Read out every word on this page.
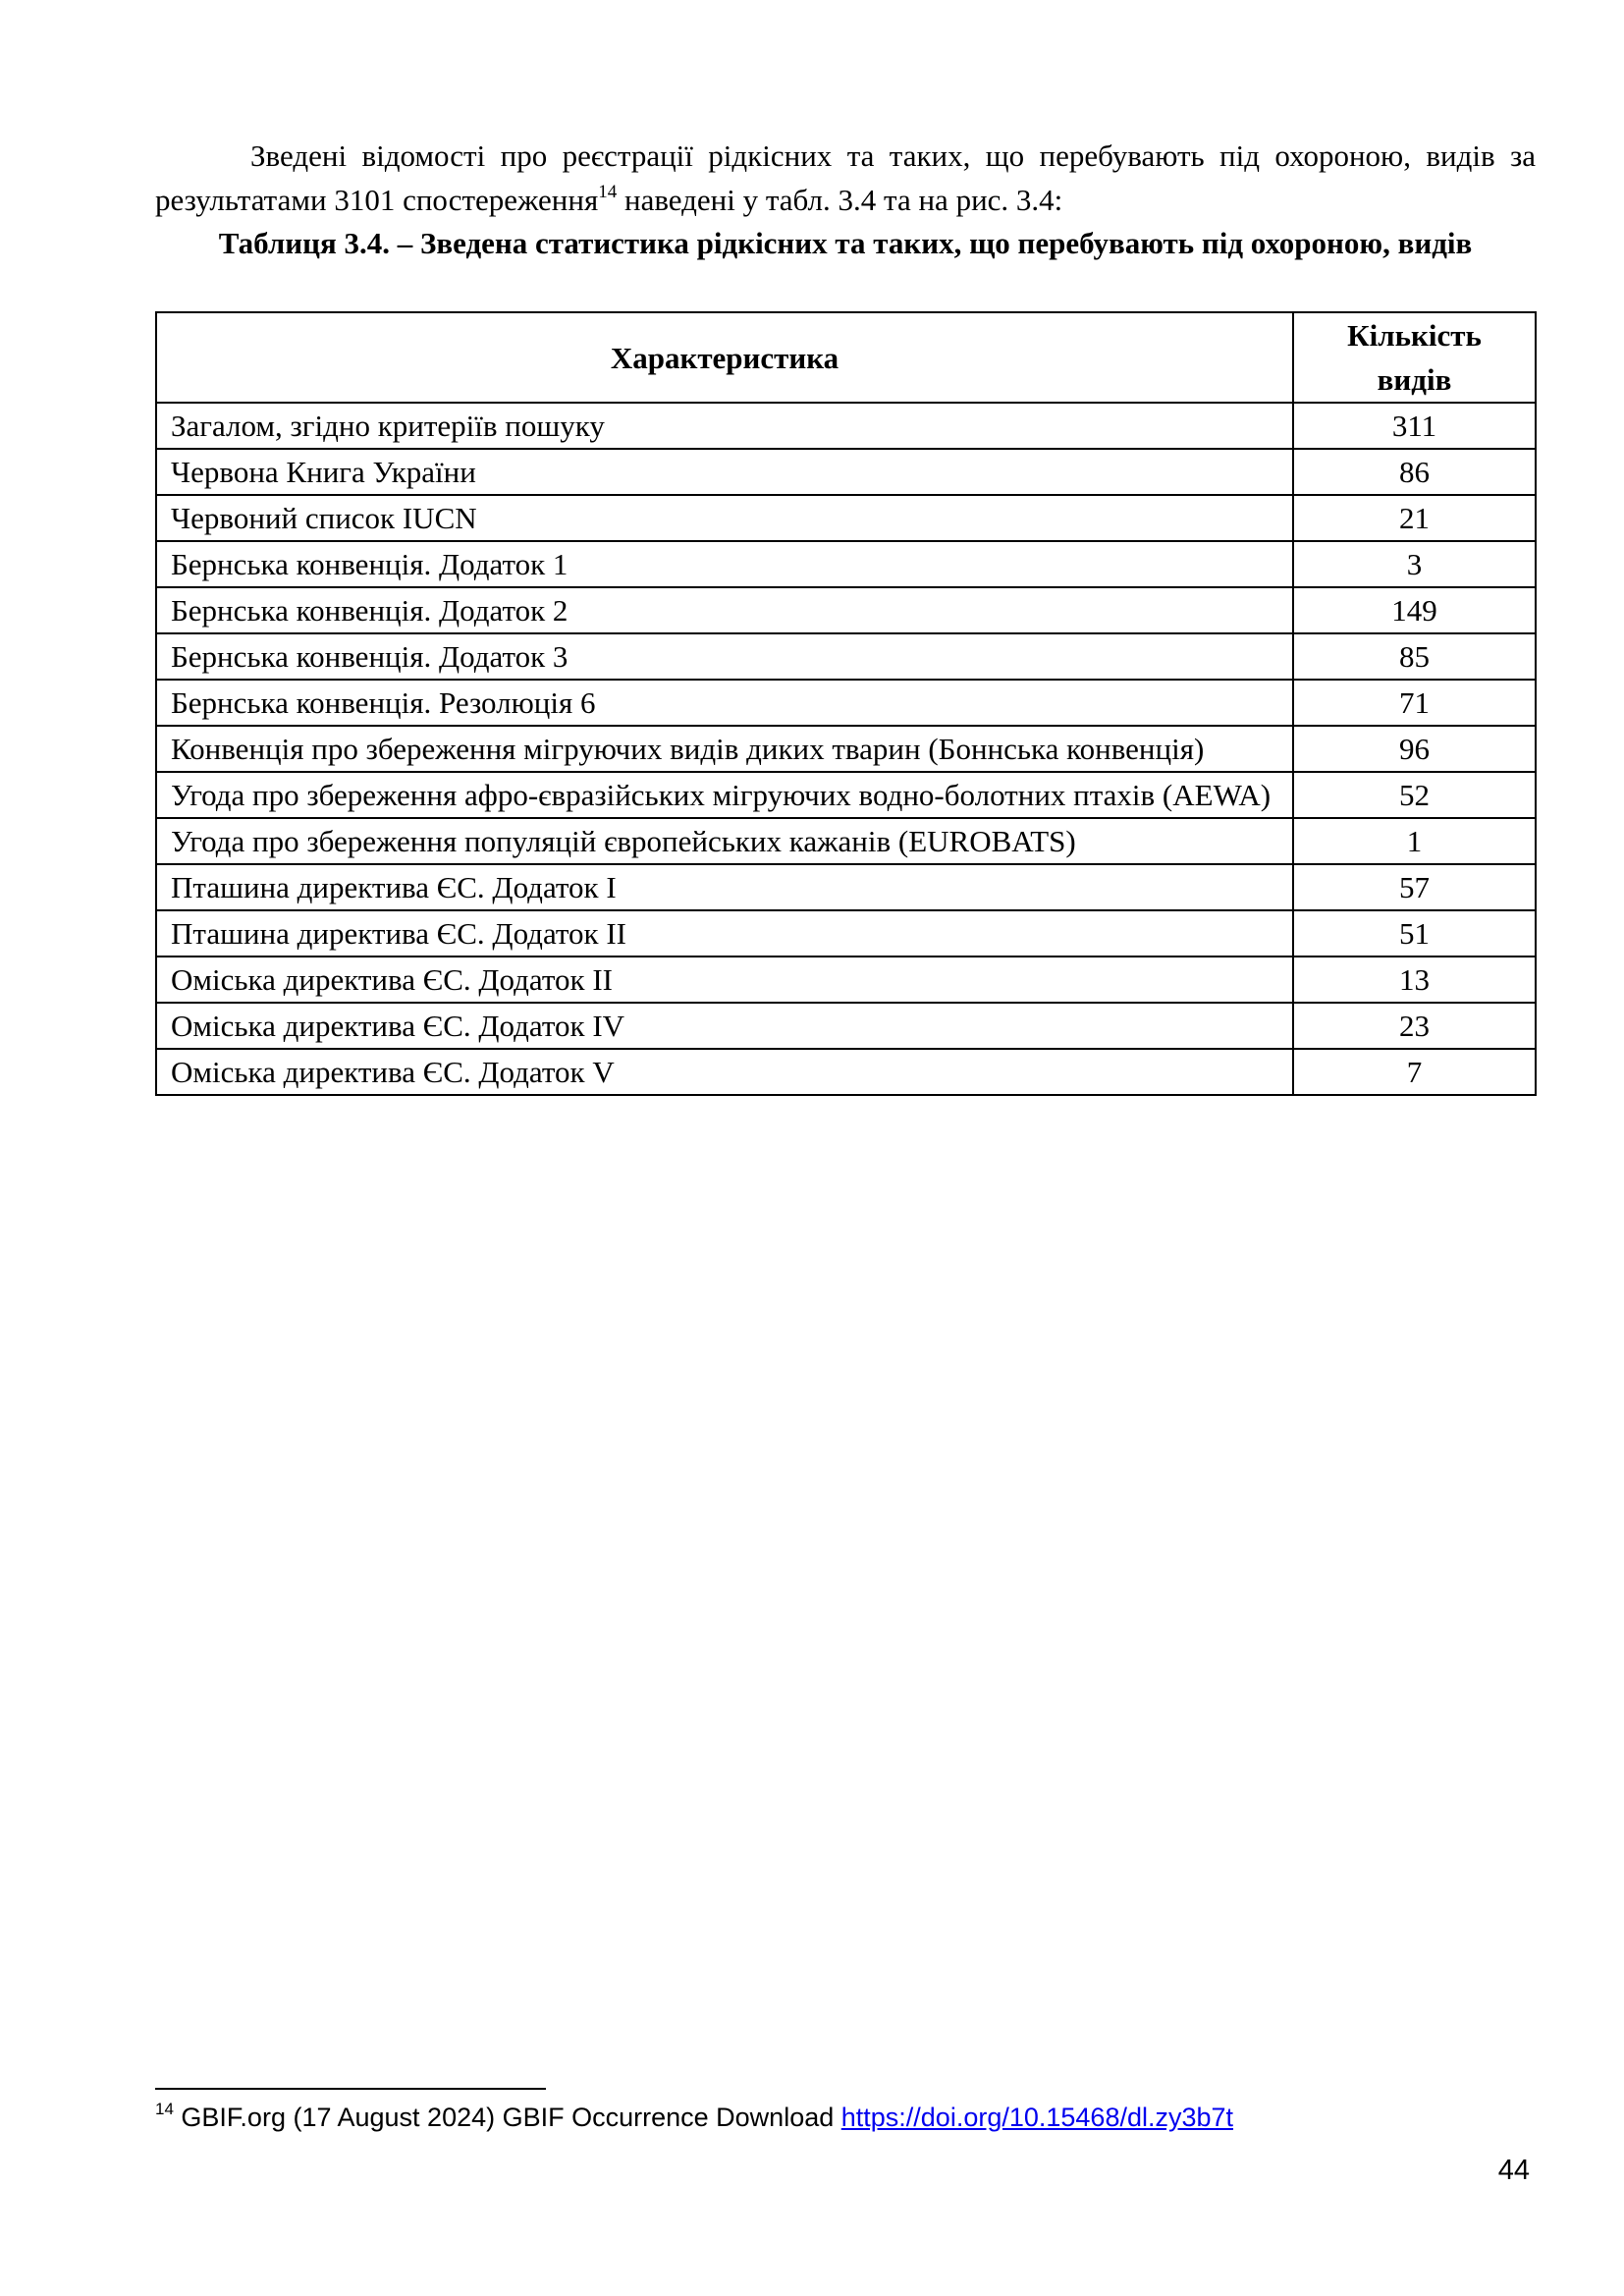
Зведені відомості про реєстрації рідкісних та таких, що перебувають під охороною, видів за результатами 3101 спостереження$^{14}$ наведені у табл. 3.4 та на рис. 3.4:

Таблиця 3.4. – Зведена статистика рідкісних та таких, що перебувають під охороною, видів

Характеристика	Кількість видів
Загалом, згідно критеріїв пошуку	311
Червона Книга України	86
Червоний список IUCN	21
Бернська конвенція. Додаток 1	3
Бернська конвенція. Додаток 2	149
Бернська конвенція. Додаток 3	85
Бернська конвенція. Резолюція 6	71
Конвенція про збереження мігруючих видів диких тварин (Боннська конвенція)	96
Угода про збереження афро-євразійських мігруючих водно-болотних птахів (AEWA)	52
Угода про збереження популяцій європейських кажанів (EUROBATS)	1
Пташина директива ЄС. Додаток I	57
Пташина директива ЄС. Додаток II	51
Оміська директива ЄС. Додаток II	13
Оміська директива ЄС. Додаток IV	23
Оміська директива ЄС. Додаток V	7

$^{14}$ GBIF.org (17 August 2024) GBIF Occurrence Download https://doi.org/10.15468/dl.zy3b7t

44
